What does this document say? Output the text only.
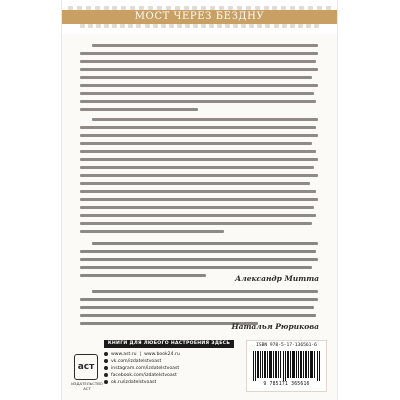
МОСТ ЧЕРЕЗ БЕЗДНУ
Александр Митта
Наталья Рюрикова
аст
ИЗДАТЕЛЬСТВО АСТ
КНИГИ ДЛЯ ЛЮБОГО НАСТРОЕНИЯ ЗДЕСЬ
www.ast.ru | www.book24.ru
vk.com/izdatelstvoast
instagram.com/izdatelstvoast
facebook.com/izdatelstvoast
ok.ru/izdatelstvoast
ISBN 978-5-17-136561-6
9 785171 365616
